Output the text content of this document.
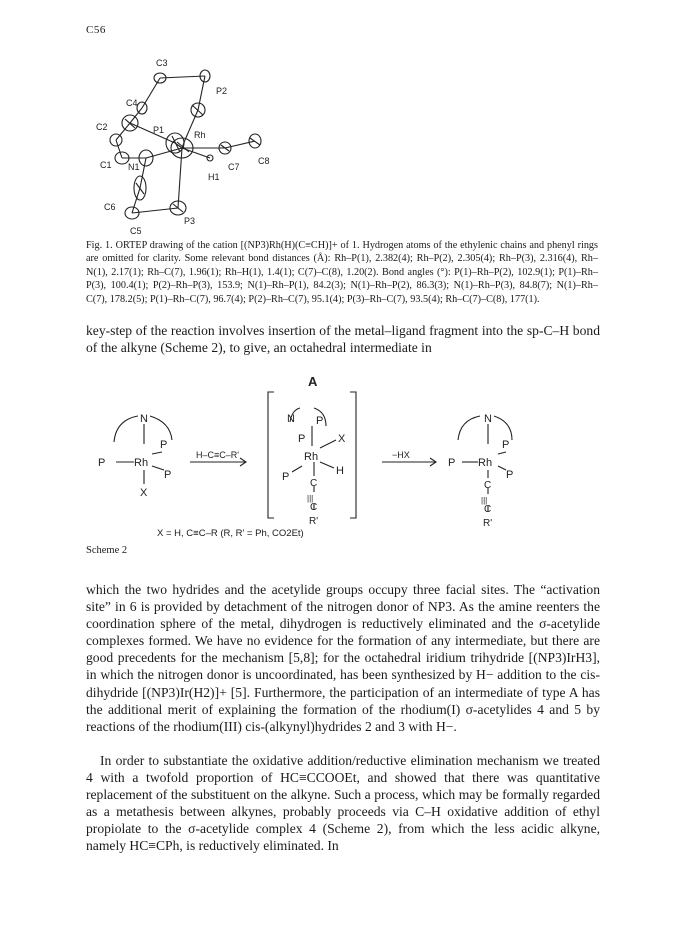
C56
C3
P2
C4
C2	P1	Rh
C1 N1	C7
C8
H1
C6
P3
C5
Fig. 1. ORTEP drawing of the cation [(NP3)Rh(H)(C≡CH)]+ of 1. Hydrogen atoms of the ethylenic chains and phenyl rings are omitted for clarity. Some relevant bond distances (Å): Rh–P(1), 2.382(4); Rh–P(2), 2.305(4); Rh–P(3), 2.316(4), Rh–N(1), 2.17(1); Rh–C(7), 1.96(1); Rh–H(1), 1.4(1); C(7)–C(8), 1.20(2). Bond angles (°): P(1)–Rh–P(2), 102.9(1); P(1)–Rh–P(3), 100.4(1); P(2)–Rh–P(3), 153.9; N(1)–Rh–P(1), 84.2(3); N(1)–Rh–P(2), 86.3(3); N(1)–Rh–P(3), 84.8(7); N(1)–Rh–C(7), 178.2(5); P(1)–Rh–C(7), 96.7(4); P(2)–Rh–C(7), 95.1(4); P(3)–Rh–C(7), 93.5(4); Rh–C(7)–C(8), 177(1).

key-step of the reaction involves insertion of the metal–ligand fragment into the sp-C–H bond of the alkyne (Scheme 2), to give, an octahedral intermediate in

N
P
Rh
P
P
X
H–C≡C–R'
A
N P
P	X
Rh
P	H
C
|||
C
R'
−HX
N
P
Rh
P
P
C
|||
C
R'
X = H, C≡C–R (R, R' = Ph, CO2Et)
Scheme 2

which the two hydrides and the acetylide groups occupy three facial sites. The “activation site” in 6 is provided by detachment of the nitrogen donor of NP3. As the amine reenters the coordination sphere of the metal, dihydrogen is reductively eliminated and the σ-acetylide complexes formed. We have no evidence for the formation of any intermediate, but there are good precedents for the mechanism [5,8]; for the octahedral iridium trihydride [(NP3)IrH3], in which the nitrogen donor is uncoordinated, has been synthesized by H− addition to the cis-dihydride [(NP3)Ir(H2)]+ [5]. Furthermore, the participation of an intermediate of type A has the additional merit of explaining the formation of the rhodium(I) σ-acetylides 4 and 5 by reactions of the rhodium(III) cis-(alkynyl)hydrides 2 and 3 with H−.

In order to substantiate the oxidative addition/reductive elimination mechanism we treated 4 with a twofold proportion of HC≡CCOOEt, and showed that there was quantitative replacement of the substituent on the alkyne. Such a process, which may be formally regarded as a metathesis between alkynes, probably proceeds via C–H oxidative addition of ethyl propiolate to the σ-acetylide complex 4 (Scheme 2), from which the less acidic alkyne, namely HC≡CPh, is reductively eliminated. In
